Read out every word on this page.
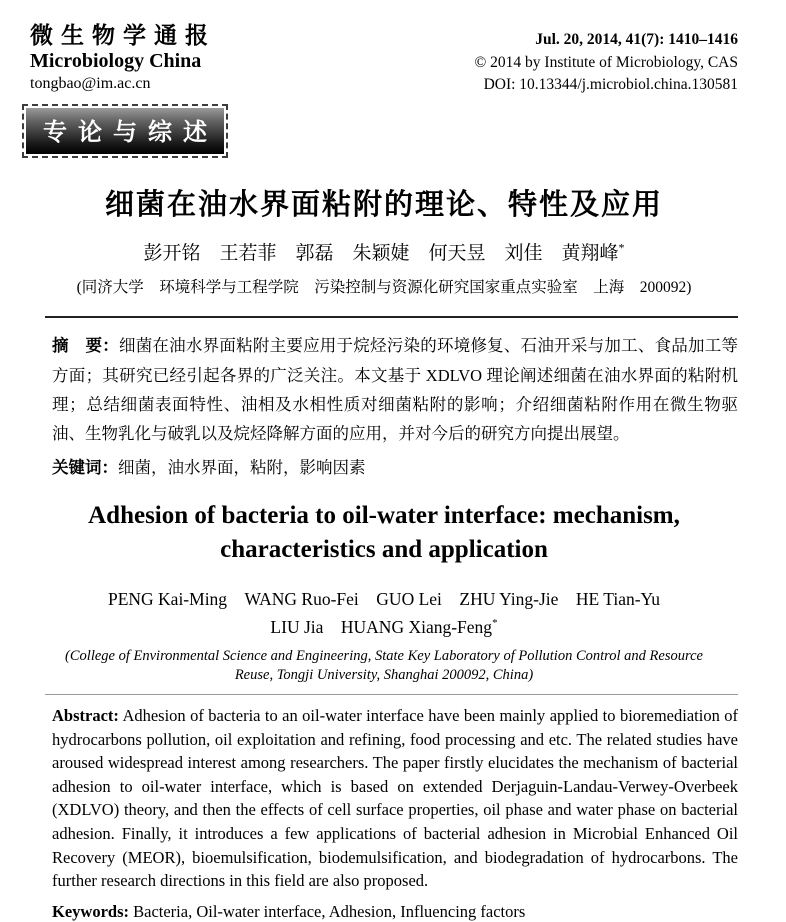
微生物学通报
Microbiology China
tongbao@im.ac.cn
Jul. 20, 2014, 41(7): 1410–1416
© 2014 by Institute of Microbiology, CAS
DOI: 10.13344/j.microbiol.china.130581
专论与综述
细菌在油水界面粘附的理论、特性及应用
彭开铭　王若菲　郭磊　朱颖婕　何天昱　刘佳　黄翔峰*
(同济大学　环境科学与工程学院　污染控制与资源化研究国家重点实验室　上海　200092)

摘　要：细菌在油水界面粘附主要应用于烷烃污染的环境修复、石油开采与加工、食品加工等方面；其研究已经引起各界的广泛关注。本文基于 XDLVO 理论阐述细菌在油水界面的粘附机理；总结细菌表面特性、油相及水相性质对细菌粘附的影响；介绍细菌粘附作用在微生物驱油、生物乳化与破乳以及烷烃降解方面的应用，并对今后的研究方向提出展望。

关键词：细菌，油水界面，粘附，影响因素

Adhesion of bacteria to oil-water interface: mechanism,
characteristics and application
PENG Kai-Ming WANG Ruo-Fei GUO Lei ZHU Ying-Jie HE Tian-Yu
LIU Jia HUANG Xiang-Feng*
(College of Environmental Science and Engineering, State Key Laboratory of Pollution Control and Resource
Reuse, Tongji University, Shanghai 200092, China)

Abstract: Adhesion of bacteria to an oil-water interface have been mainly applied to bioremediation of hydrocarbons pollution, oil exploitation and refining, food processing and etc. The related studies have aroused widespread interest among researchers. The paper firstly elucidates the mechanism of bacterial adhesion to oil-water interface, which is based on extended Derjaguin-Landau-Verwey-Overbeek (XDLVO) theory, and then the effects of cell surface properties, oil phase and water phase on bacterial adhesion. Finally, it introduces a few applications of bacterial adhesion in Microbial Enhanced Oil Recovery (MEOR), bioemulsification, biodemulsification, and biodegradation of hydrocarbons. The further research directions in this field are also proposed.

Keywords: Bacteria, Oil-water interface, Adhesion, Influencing factors
